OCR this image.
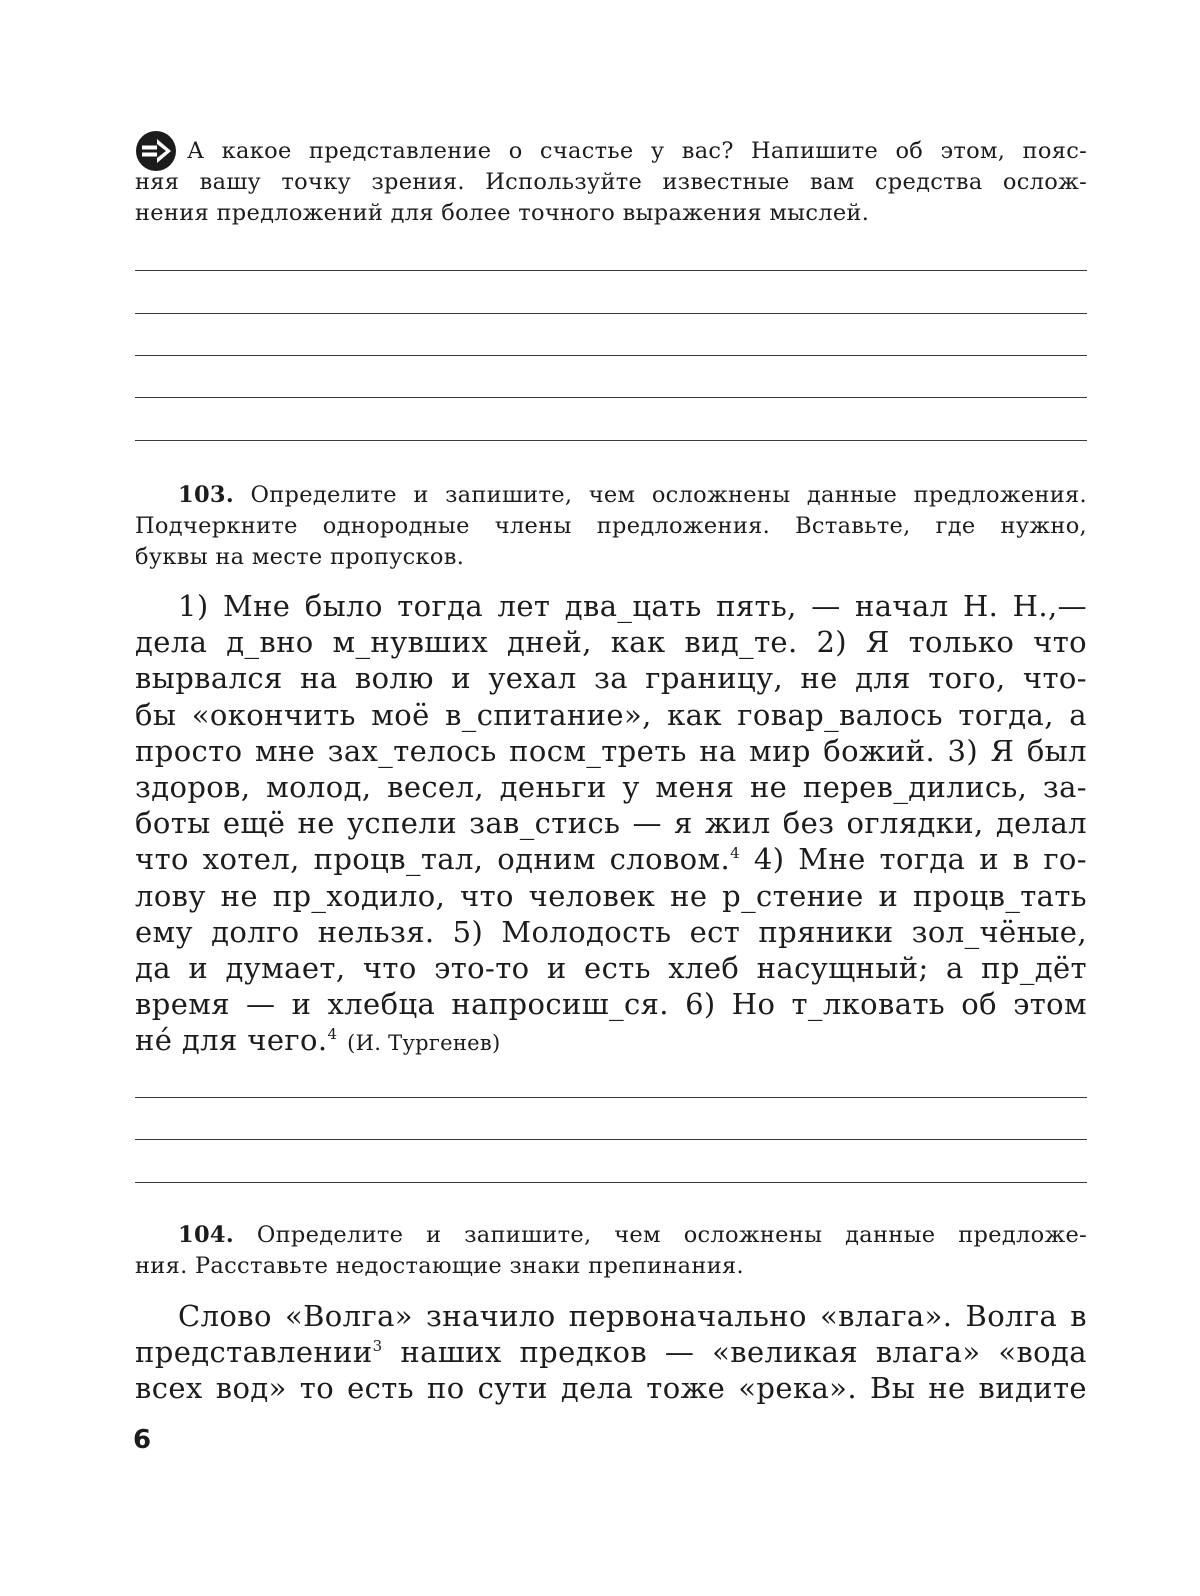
А какое представление о счастье у вас? Напишите об этом, пояс-
няя вашу точку зрения. Используйте известные вам средства ослож-
нения предложений для более точного выражения мыслей.
103. Определите и запишите, чем осложнены данные предложения.
Подчеркните однородные члены предложения. Вставьте, где нужно,
буквы на месте пропусков.
1) Мне было тогда лет два_цать пять, — начал Н. Н.,—
дела д_вно м_нувших дней, как вид_те. 2) Я только что
вырвался на волю и уехал за границу, не для того, что-
бы «окончить моё в_спитание», как говар_валось тогда, а
просто мне зах_телось посм_треть на мир божий. 3) Я был
здоров, молод, весел, деньги у меня не перев_дились, за-
боты ещё не успели зав_стись — я жил без оглядки, делал
что хотел, процв_тал, одним словом.$^4$ 4) Мне тогда и в го-
лову не пр_ходило, что человек не р_стение и процв_тать
ему долго нельзя. 5) Молодость ест пряники зол_чёные,
да и думает, что это-то и есть хлеб насущный; а пр_дёт
время — и хлебца напросиш_ся. 6) Но т_лковать об этом
не́ для чего.$^4$ (И. Тургенев)
104. Определите и запишите, чем осложнены данные предложе-
ния. Расставьте недостающие знаки препинания.
Слово «Волга» значило первоначально «влага». Волга в
представлении$^3$ наших предков — «великая влага» «вода
всех вод» то есть по сути дела тоже «река». Вы не видите
6
